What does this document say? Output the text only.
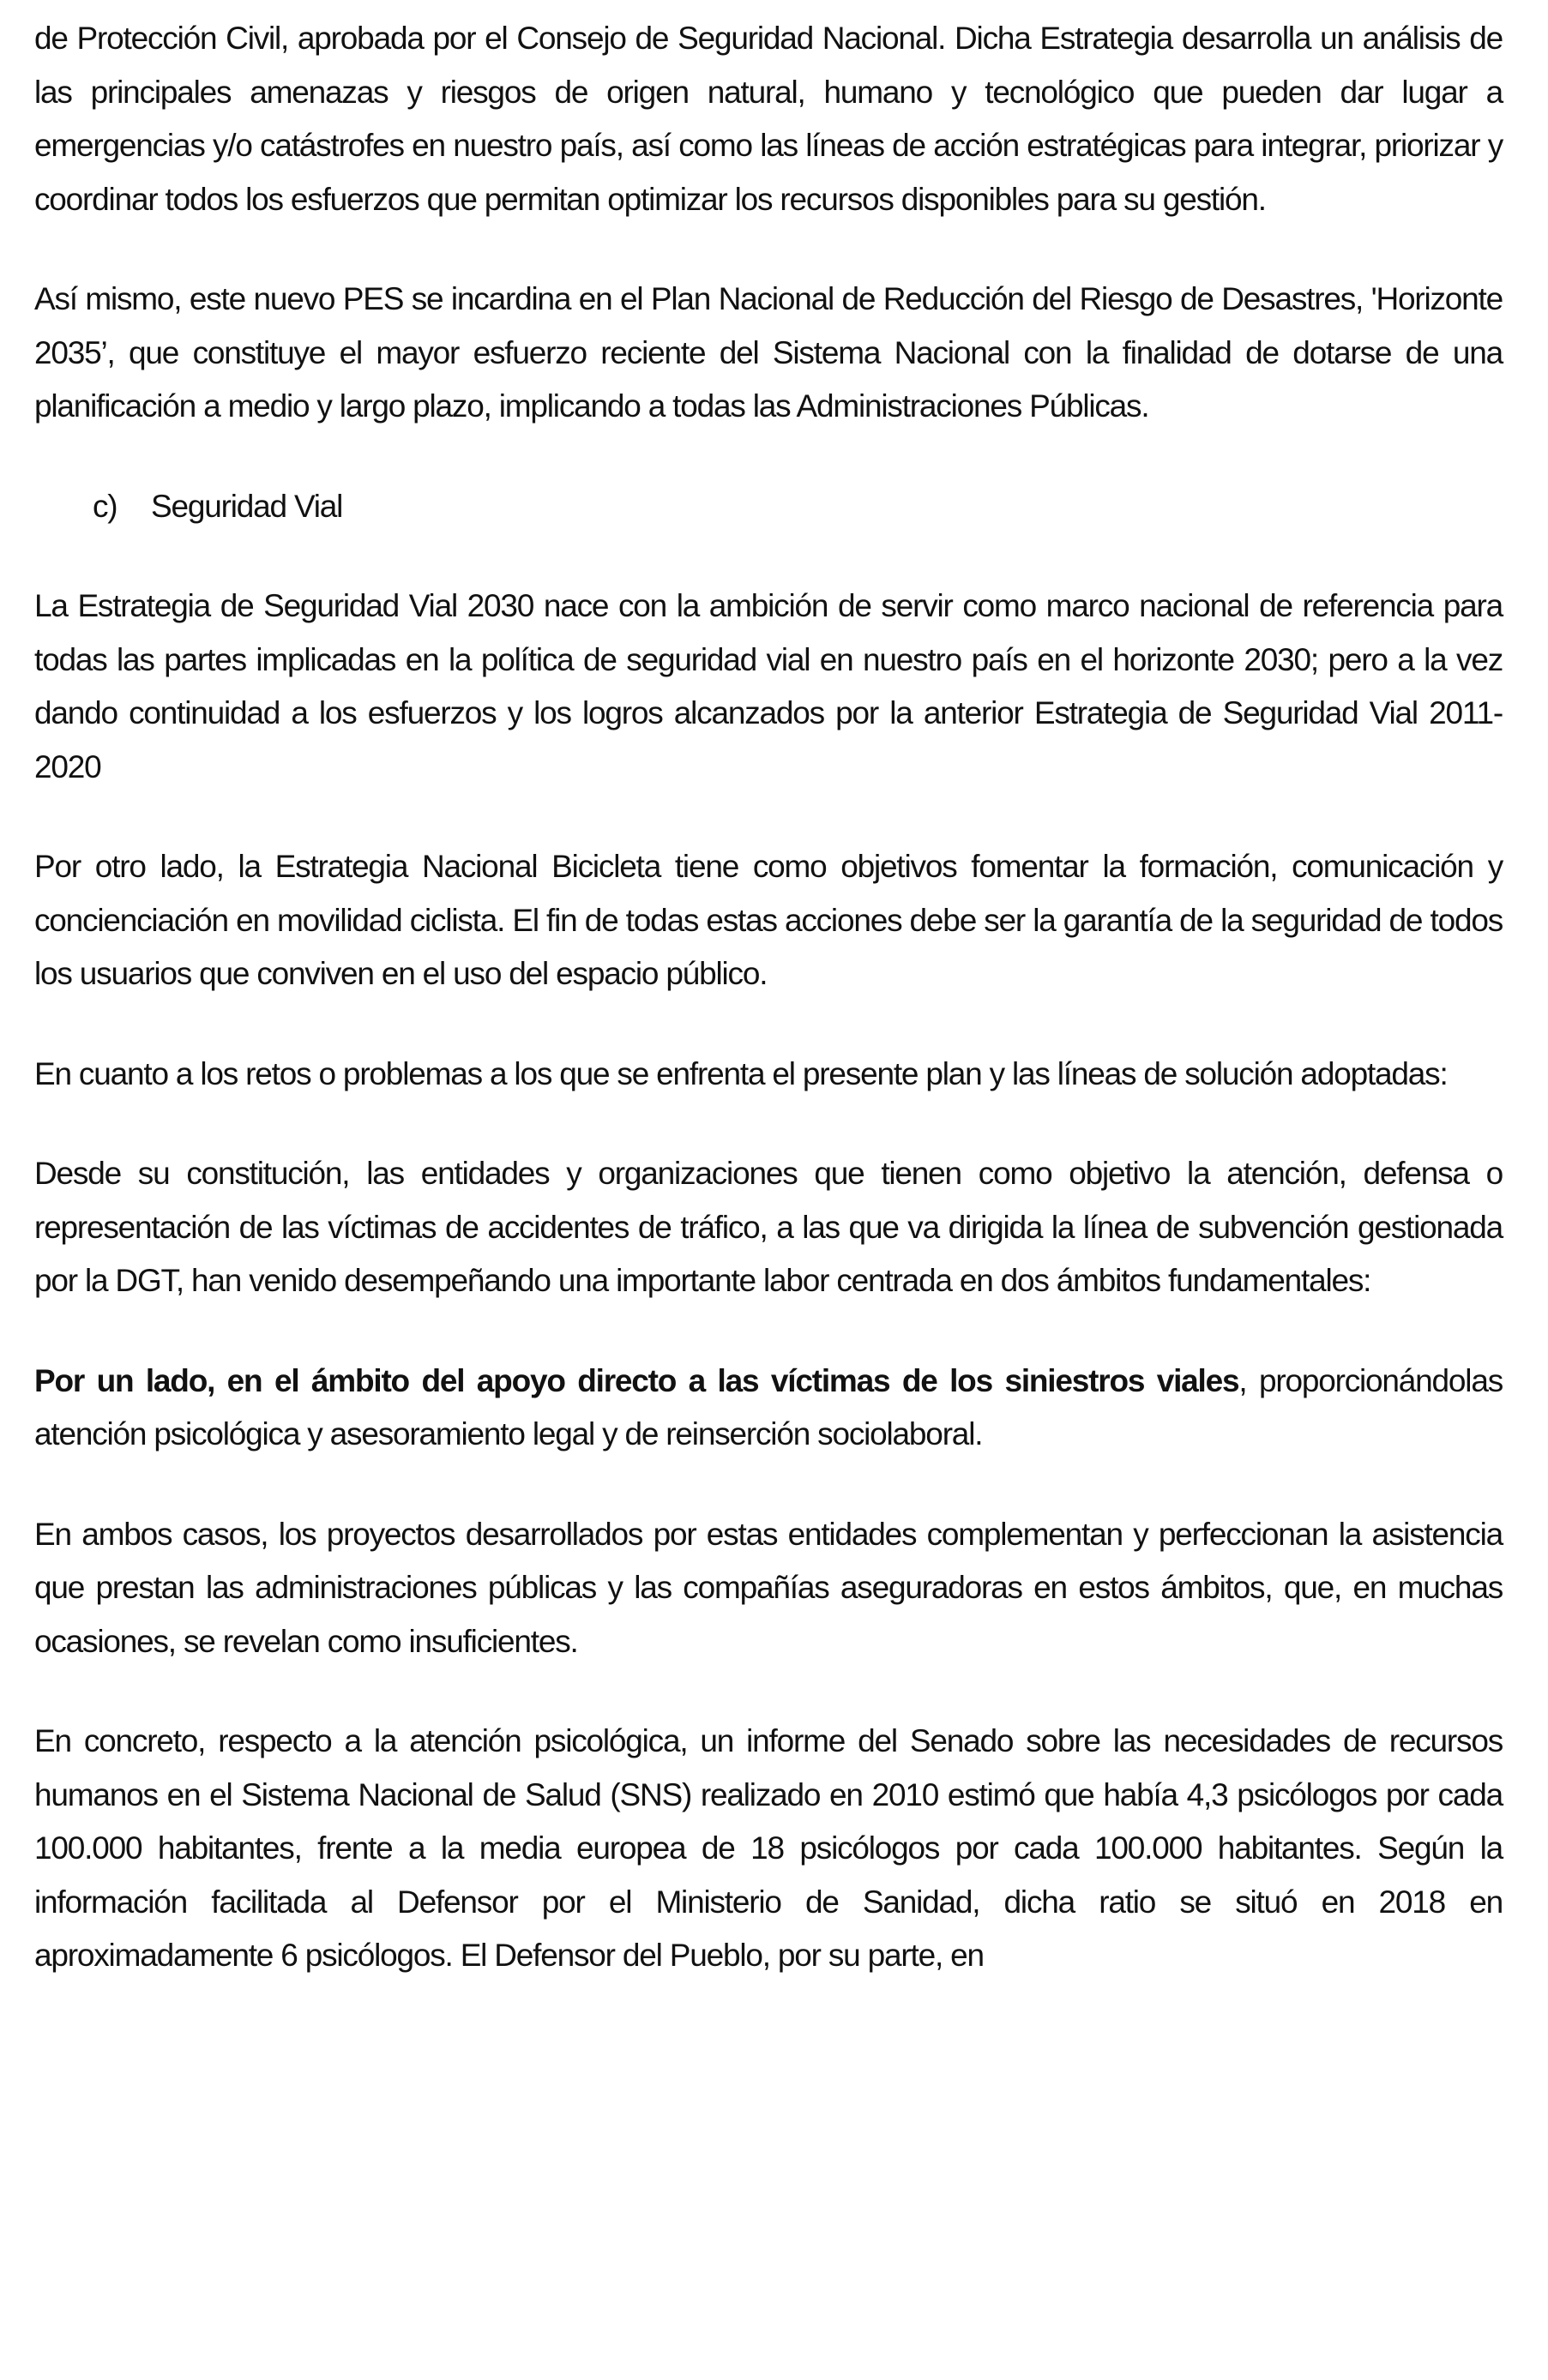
de Protección Civil, aprobada por el Consejo de Seguridad Nacional. Dicha Estrategia desarrolla un análisis de las principales amenazas y riesgos de origen natural, humano y tecnológico que pueden dar lugar a emergencias y/o catástrofes en nuestro país, así como las líneas de acción estratégicas para integrar, priorizar y coordinar todos los esfuerzos que permitan optimizar los recursos disponibles para su gestión.

Así mismo, este nuevo PES se incardina en el Plan Nacional de Reducción del Riesgo de Desastres, 'Horizonte 2035’, que constituye el mayor esfuerzo reciente del Sistema Nacional con la finalidad de dotarse de una planificación a medio y largo plazo, implicando a todas las Administraciones Públicas.

c) Seguridad Vial

La Estrategia de Seguridad Vial 2030 nace con la ambición de servir como marco nacional de referencia para todas las partes implicadas en la política de seguridad vial en nuestro país en el horizonte 2030; pero a la vez dando continuidad a los esfuerzos y los logros alcanzados por la anterior Estrategia de Seguridad Vial 2011-2020

Por otro lado, la Estrategia Nacional Bicicleta tiene como objetivos fomentar la formación, comunicación y concienciación en movilidad ciclista. El fin de todas estas acciones debe ser la garantía de la seguridad de todos los usuarios que conviven en el uso del espacio público.

En cuanto a los retos o problemas a los que se enfrenta el presente plan y las líneas de solución adoptadas:

Desde su constitución, las entidades y organizaciones que tienen como objetivo la atención, defensa o representación de las víctimas de accidentes de tráfico, a las que va dirigida la línea de subvención gestionada por la DGT, han venido desempeñando una importante labor centrada en dos ámbitos fundamentales:

Por un lado, en el ámbito del apoyo directo a las víctimas de los siniestros viales, proporcionándolas atención psicológica y asesoramiento legal y de reinserción sociolaboral.

En ambos casos, los proyectos desarrollados por estas entidades complementan y perfeccionan la asistencia que prestan las administraciones públicas y las compañías aseguradoras en estos ámbitos, que, en muchas ocasiones, se revelan como insuficientes.

En concreto, respecto a la atención psicológica, un informe del Senado sobre las necesidades de recursos humanos en el Sistema Nacional de Salud (SNS) realizado en 2010 estimó que había 4,3 psicólogos por cada 100.000 habitantes, frente a la media europea de 18 psicólogos por cada 100.000 habitantes. Según la información facilitada al Defensor por el Ministerio de Sanidad, dicha ratio se situó en 2018 en aproximadamente 6 psicólogos. El Defensor del Pueblo, por su parte, en
